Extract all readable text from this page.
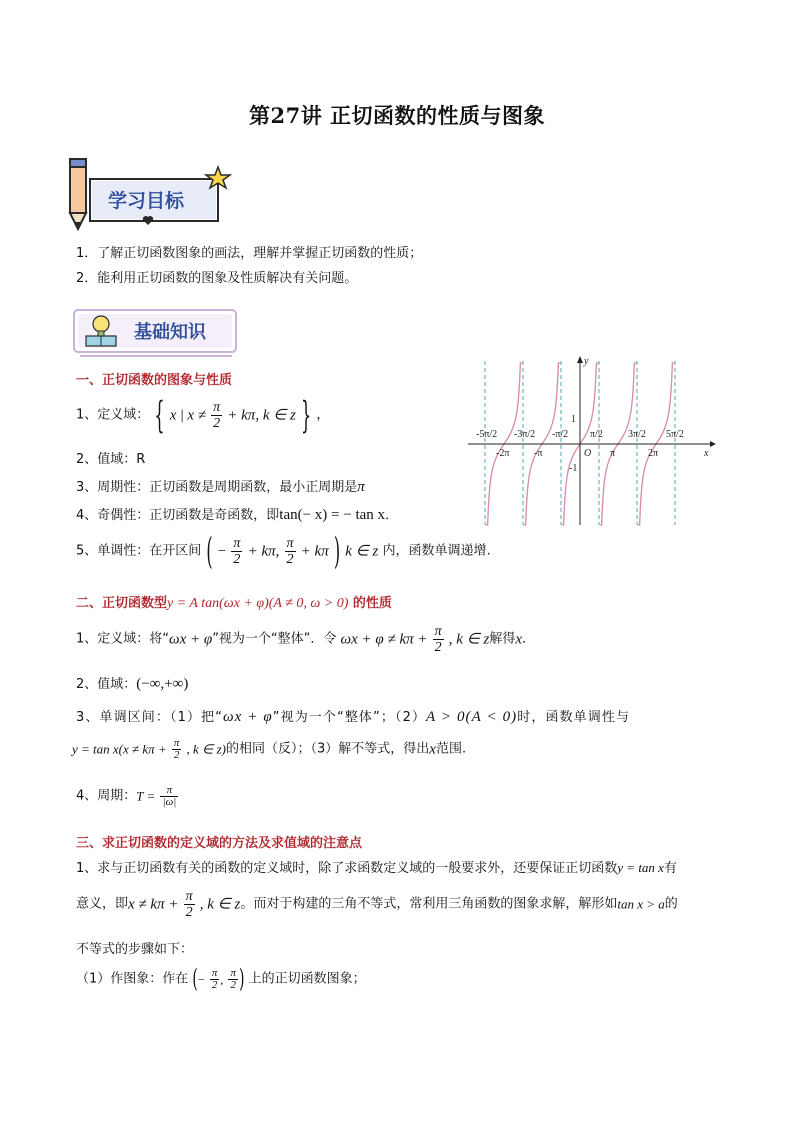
第27讲 正切函数的性质与图象
学习目标
1．了解正切函数图象的画法，理解并掌握正切函数的性质；
2．能利用正切函数的图象及性质解决有关问题。
基础知识
一、正切函数的图象与性质
1、定义域： { x | $x \ne \frac{\pi}{2} + k\pi$, k ∈ z } ，
2、值域：R
3、周期性：正切函数是周期函数，最小正周期是π
4、奇偶性：正切函数是奇函数，即tan(− x) = − tan x．
5、单调性：在开区间 ( − $\frac{\pi}{2} + k\pi$, $\frac{\pi}{2} + k\pi$ ) k ∈ z 内，函数单调递增.
y
x
O
1
-1
-5π/2 -3π/2 -π/2 π/2	3π/2 5π/2
-2π -π	π	2π
二、正切函数型y = A tan(ωx + φ)(A ≠ 0, ω > 0) 的性质
1、定义域：将“ωx + φ”视为一个“整体”．令 $\omega x + \varphi \ne k\pi + \frac{\pi}{2}$ , k ∈ z解得x．
2、值域：(−∞,+∞)
3、单调区间：（1）把“ωx + φ”视为一个“整体”；（2）A > 0(A < 0)时，函数单调性与
$y = \tan x(x \ne k\pi + \frac{\pi}{2}$ , k ∈ z)的相同（反）；（3）解不等式，得出x范围.
4、周期：$T = \frac{\pi}{|\omega|}$
三、求正切函数的定义域的方法及求值域的注意点
1、求与正切函数有关的函数的定义域时，除了求函数定义域的一般要求外，还要保证正切函数y = tan x有
意义，即$x \ne k\pi + \frac{\pi}{2}$ , k ∈ z。而对于构建的三角不等式，常利用三角函数的图象求解，解形如tan x > a的
不等式的步骤如下：
（1）作图象：作在 (− $\frac{\pi}{2}$ , $\frac{\pi}{2}$ ) 上的正切函数图象；
